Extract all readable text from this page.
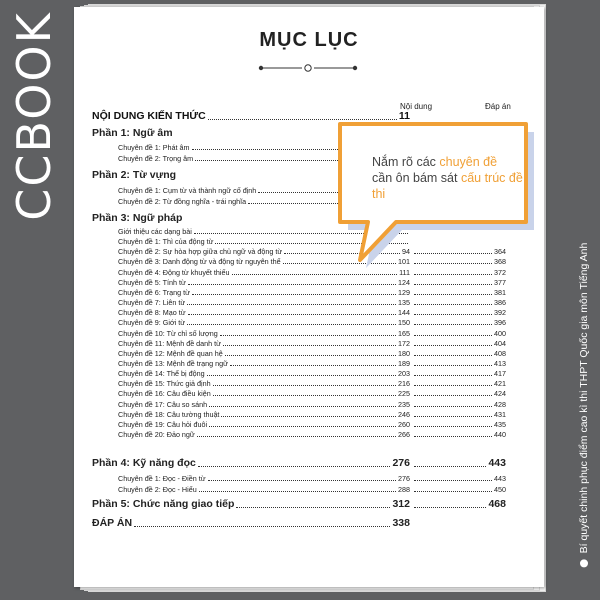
CCBOOK
Bí quyết chinh phục điểm cao kì thi THPT Quốc gia môn Tiếng Anh
MỤC LỤC
Nội dung	Đáp án
NỘI DUNG KIẾN THỨC	11
Phần 1: Ngữ âm
Chuyên đề 1: Phát âm
Chuyên đề 2: Trọng âm
Phần 2: Từ vựng
Chuyên đề 1: Cụm từ và thành ngữ cố định
Chuyên đề 2: Từ đồng nghĩa - trái nghĩa
Phần 3: Ngữ pháp
Giới thiệu các dạng bài
Chuyên đề 1: Thì của động từ
Chuyên đề 2: Sự hòa hợp giữa chủ ngữ và động từ	94	364
Chuyên đề 3: Danh động từ và động từ nguyên thể	101	368
Chuyên đề 4: Động từ khuyết thiếu	111	372
Chuyên đề 5: Tính từ	124	377
Chuyên đề 6: Trạng từ	129	381
Chuyên đề 7: Liên từ	135	386
Chuyên đề 8: Mạo từ	144	392
Chuyên đề 9: Giới từ	150	396
Chuyên đề 10: Từ chỉ số lượng	165	400
Chuyên đề 11: Mệnh đề danh từ	172	404
Chuyên đề 12: Mệnh đề quan hệ	180	408
Chuyên đề 13: Mệnh đề trạng ngữ	189	413
Chuyên đề 14: Thể bị động	203	417
Chuyên đề 15: Thức giả định	216	421
Chuyên đề 16: Câu điều kiện	225	424
Chuyên đề 17: Câu so sánh	235	428
Chuyên đề 18: Câu tường thuật	246	431
Chuyên đề 19: Câu hỏi đuôi	260	435
Chuyên đề 20: Đảo ngữ	266	440
Phần 4: Kỹ năng đọc	276	443
Chuyên đề 1: Đọc - Điền từ	276	443
Chuyên đề 2: Đọc - Hiểu	288	450
Phần 5: Chức năng giao tiếp	312	468
ĐÁP ÁN	338
Nắm rõ các chuyên đề
cần ôn bám sát cấu trúc đề thi
